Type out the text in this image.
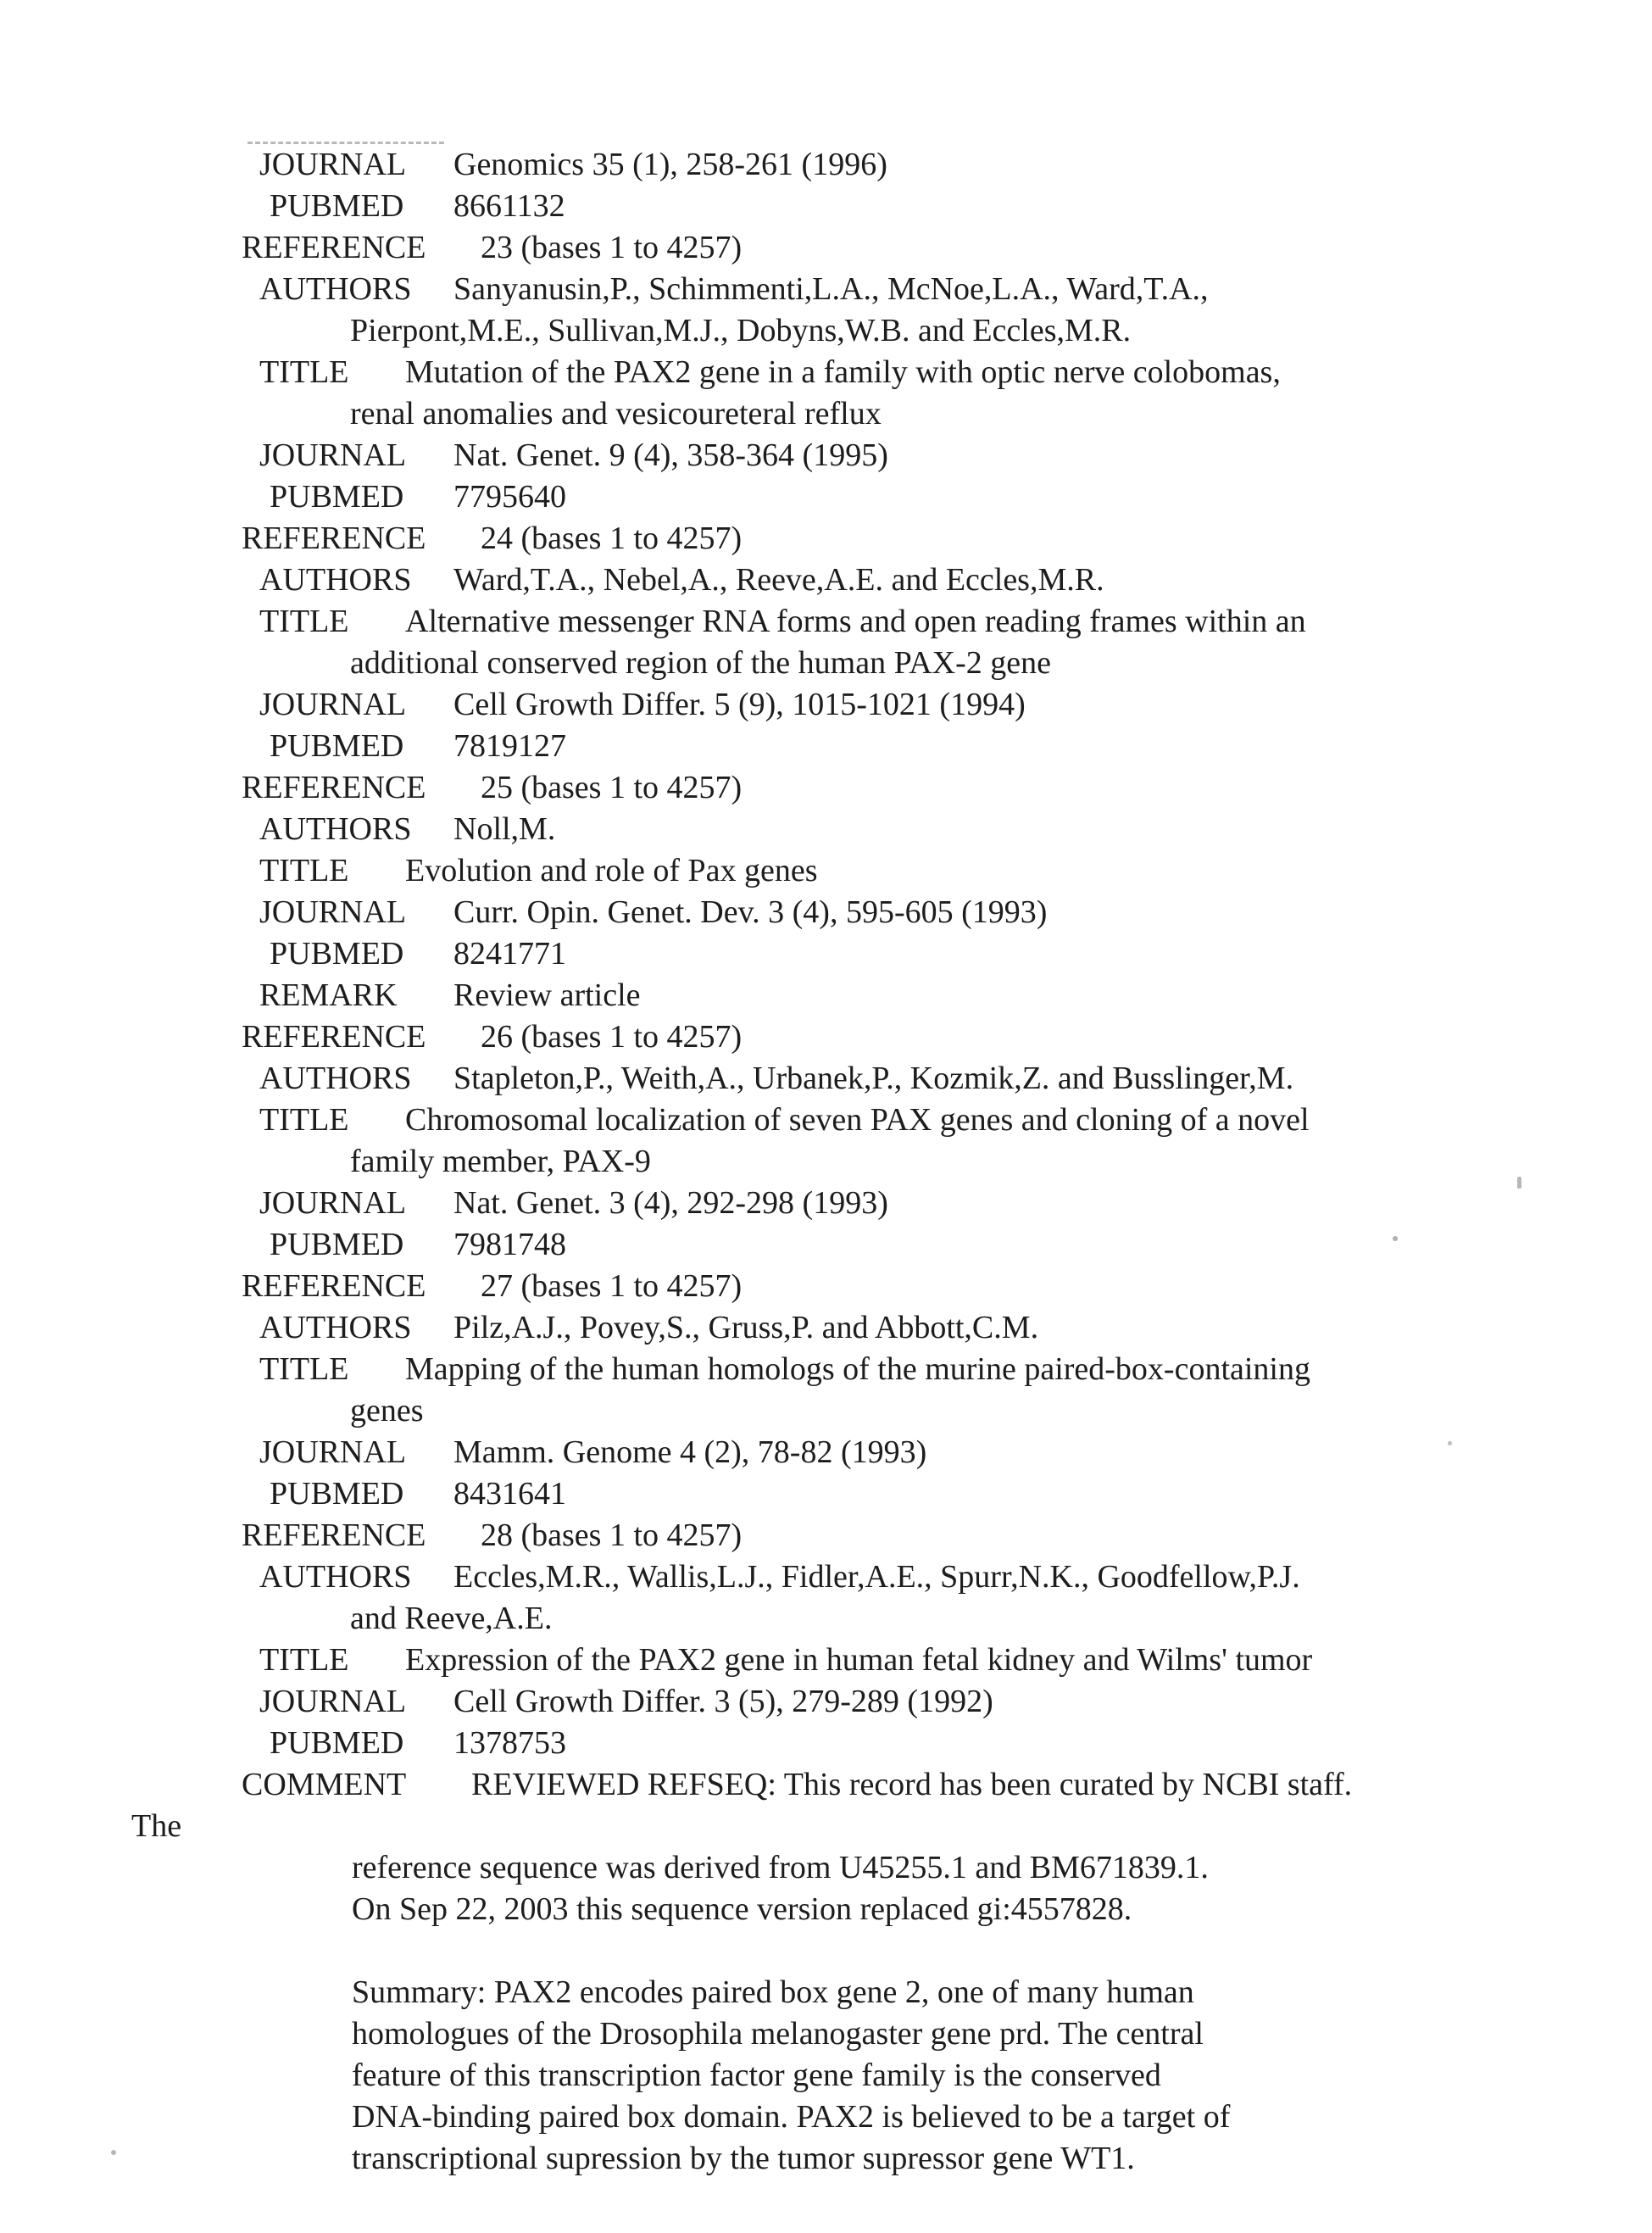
JOURNAL Genomics 35 (1), 258-261 (1996)
PUBMED 8661132
REFERENCE 23 (bases 1 to 4257)
AUTHORS Sanyanusin,P., Schimmenti,L.A., McNoe,L.A., Ward,T.A.,
Pierpont,M.E., Sullivan,M.J., Dobyns,W.B. and Eccles,M.R.
TITLE Mutation of the PAX2 gene in a family with optic nerve colobomas,
renal anomalies and vesicoureteral reflux
JOURNAL Nat. Genet. 9 (4), 358-364 (1995)
PUBMED 7795640
REFERENCE 24 (bases 1 to 4257)
AUTHORS Ward,T.A., Nebel,A., Reeve,A.E. and Eccles,M.R.
TITLE Alternative messenger RNA forms and open reading frames within an
additional conserved region of the human PAX-2 gene
JOURNAL Cell Growth Differ. 5 (9), 1015-1021 (1994)
PUBMED 7819127
REFERENCE 25 (bases 1 to 4257)
AUTHORS Noll,M.
TITLE Evolution and role of Pax genes
JOURNAL Curr. Opin. Genet. Dev. 3 (4), 595-605 (1993)
PUBMED 8241771
REMARK Review article
REFERENCE 26 (bases 1 to 4257)
AUTHORS Stapleton,P., Weith,A., Urbanek,P., Kozmik,Z. and Busslinger,M.
TITLE Chromosomal localization of seven PAX genes and cloning of a novel
family member, PAX-9
JOURNAL Nat. Genet. 3 (4), 292-298 (1993)
PUBMED 7981748
REFERENCE 27 (bases 1 to 4257)
AUTHORS Pilz,A.J., Povey,S., Gruss,P. and Abbott,C.M.
TITLE Mapping of the human homologs of the murine paired-box-containing
genes
JOURNAL Mamm. Genome 4 (2), 78-82 (1993)
PUBMED 8431641
REFERENCE 28 (bases 1 to 4257)
AUTHORS Eccles,M.R., Wallis,L.J., Fidler,A.E., Spurr,N.K., Goodfellow,P.J.
and Reeve,A.E.
TITLE Expression of the PAX2 gene in human fetal kidney and Wilms' tumor
JOURNAL Cell Growth Differ. 3 (5), 279-289 (1992)
PUBMED 1378753
COMMENT REVIEWED REFSEQ: This record has been curated by NCBI staff.
The
reference sequence was derived from U45255.1 and BM671839.1.
On Sep 22, 2003 this sequence version replaced gi:4557828.
Summary: PAX2 encodes paired box gene 2, one of many human
homologues of the Drosophila melanogaster gene prd. The central
feature of this transcription factor gene family is the conserved
DNA-binding paired box domain. PAX2 is believed to be a target of
transcriptional supression by the tumor supressor gene WT1.
